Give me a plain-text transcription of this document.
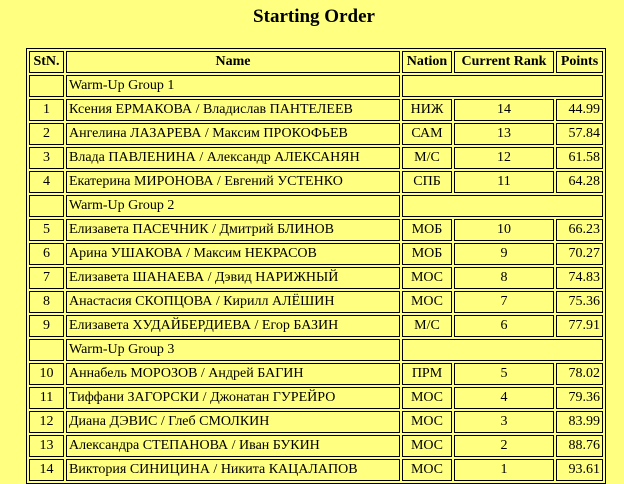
Starting Order
StN.	Name	Nation	Current Rank	Points
	Warm-Up Group 1			
1	Ксения ЕРМАКОВА / Владислав ПАНТЕЛЕЕВ	НИЖ	14	44.99
2	Ангелина ЛАЗАРЕВА / Максим ПРОКОФЬЕВ	САМ	13	57.84
3	Влада ПАВЛЕНИНА / Александр АЛЕКСАНЯН	М/С	12	61.58
4	Екатерина МИРОНОВА / Евгений УСТЕНКО	СПБ	11	64.28
	Warm-Up Group 2			
5	Елизавета ПАСЕЧНИК / Дмитрий БЛИНОВ	МОБ	10	66.23
6	Арина УШАКОВА / Максим НЕКРАСОВ	МОБ	9	70.27
7	Елизавета ШАНАЕВА / Дэвид НАРИЖНЫЙ	МОС	8	74.83
8	Анастасия СКОПЦОВА / Кирилл АЛЁШИН	МОС	7	75.36
9	Елизавета ХУДАЙБЕРДИЕВА / Егор БАЗИН	М/С	6	77.91
	Warm-Up Group 3			
10	Аннабель МОРОЗОВ / Андрей БАГИН	ПРМ	5	78.02
11	Тиффани ЗАГОРСКИ / Джонатан ГУРЕЙРО	МОС	4	79.36
12	Диана ДЭВИС / Глеб СМОЛКИН	МОС	3	83.99
13	Александра СТЕПАНОВА / Иван БУКИН	МОС	2	88.76
14	Виктория СИНИЦИНА / Никита КАЦАЛАПОВ	МОС	1	93.61
